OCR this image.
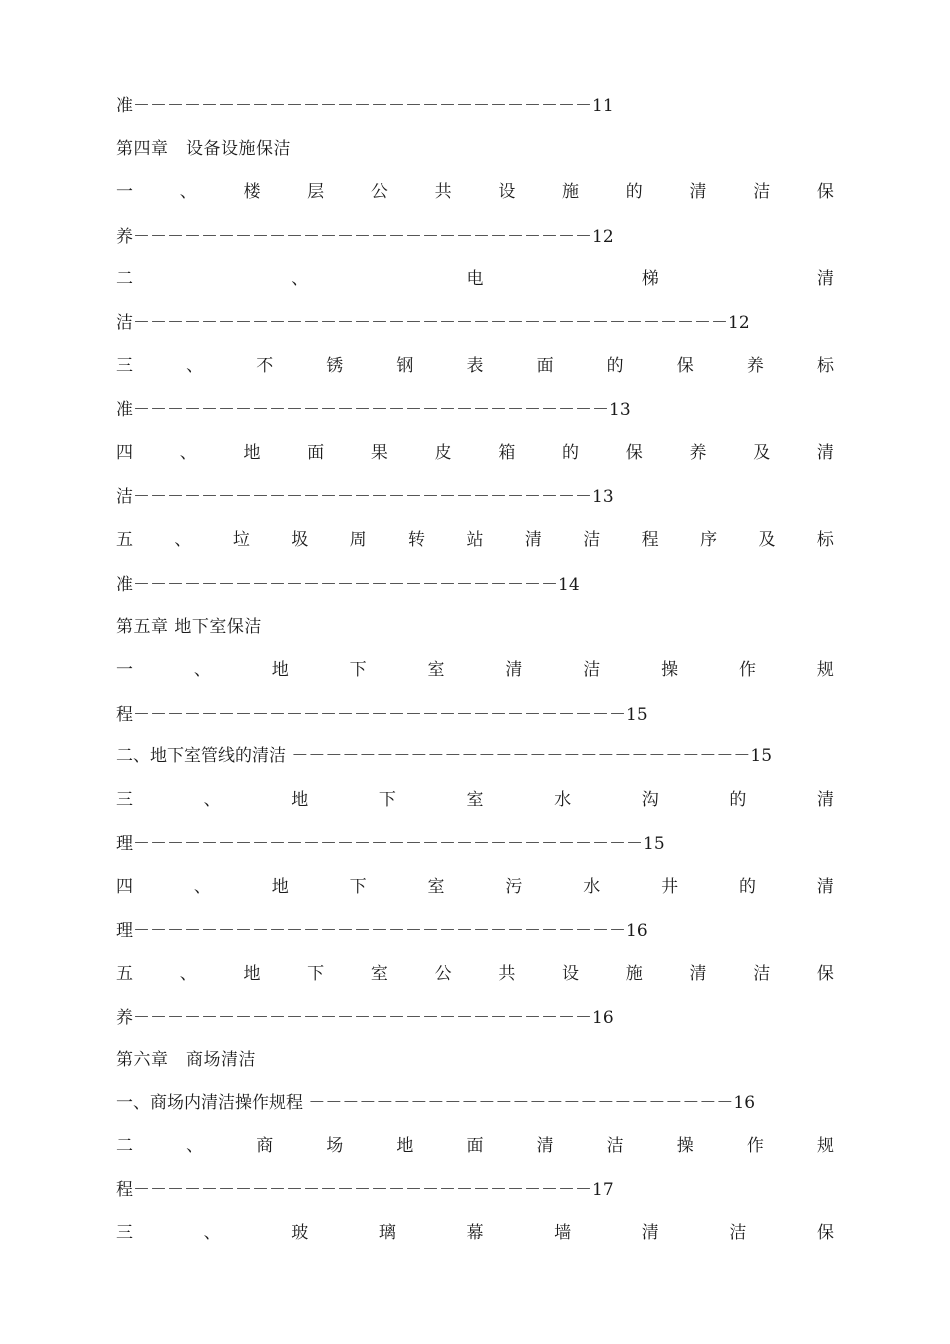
准－－－－－－－－－－－－－－－－－－－－－－－－－－－11
第四章　设备设施保洁
一	、	楼	层	公	共	设	施	的	清	洁	保
养－－－－－－－－－－－－－－－－－－－－－－－－－－－12
二	、	电	梯	清
洁－－－－－－－－－－－－－－－－－－－－－－－－－－－－－－－－－－－12
三	、	不	锈	钢	表	面	的	保	养	标
准－－－－－－－－－－－－－－－－－－－－－－－－－－－－13
四	、	地	面	果	皮	箱	的	保	养	及	清
洁－－－－－－－－－－－－－－－－－－－－－－－－－－－13
五 、 垃 圾 周 转 站 清 洁 程 序 及 标
准－－－－－－－－－－－－－－－－－－－－－－－－－14
第五章 地下室保洁
一	、	地	下	室	清	洁	操	作	规
程－－－－－－－－－－－－－－－－－－－－－－－－－－－－－15
二、地下室管线的清洁 －－－－－－－－－－－－－－－－－－－－－－－－－－－15
三	、	地	下	室	水	沟	的	清
理－－－－－－－－－－－－－－－－－－－－－－－－－－－－－－15
四	、	地	下	室	污	水	井	的	清
理－－－－－－－－－－－－－－－－－－－－－－－－－－－－－16
五	、	地	下	室	公	共	设	施	清	洁	保
养－－－－－－－－－－－－－－－－－－－－－－－－－－－16
第六章　商场清洁
一、商场内清洁操作规程 －－－－－－－－－－－－－－－－－－－－－－－－－16
二	、	商	场	地	面	清	洁	操	作	规
程－－－－－－－－－－－－－－－－－－－－－－－－－－－17
三	、	玻	璃	幕	墙	清	洁	保
